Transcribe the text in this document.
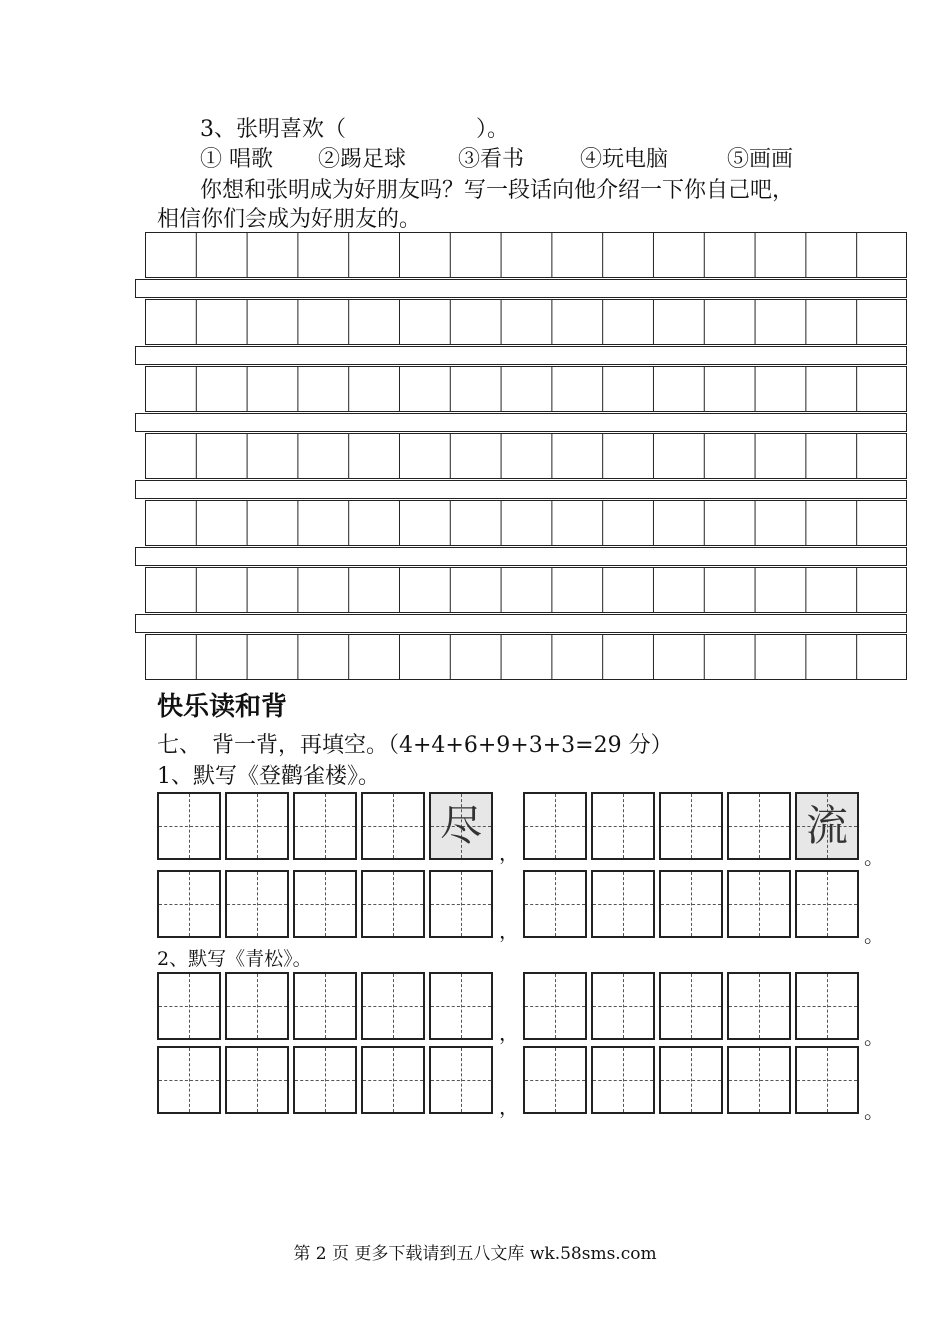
3、张明喜欢（	）。
① 唱歌 ②踢足球 ③看书	④玩电脑	⑤画画
你想和张明成为好朋友吗？写一段话向他介绍一下你自己吧，
相信你们会成为好朋友的。
快乐读和背
七、　背一背，再填空。（4+4+6+9+3+3=29 分）
1、默写《登鹳雀楼》。
尽
，
流
。
，	。
2、默写《青松》。
，	。
，	。
第 2 页 更多下载请到五八文库 wk.58sms.com
